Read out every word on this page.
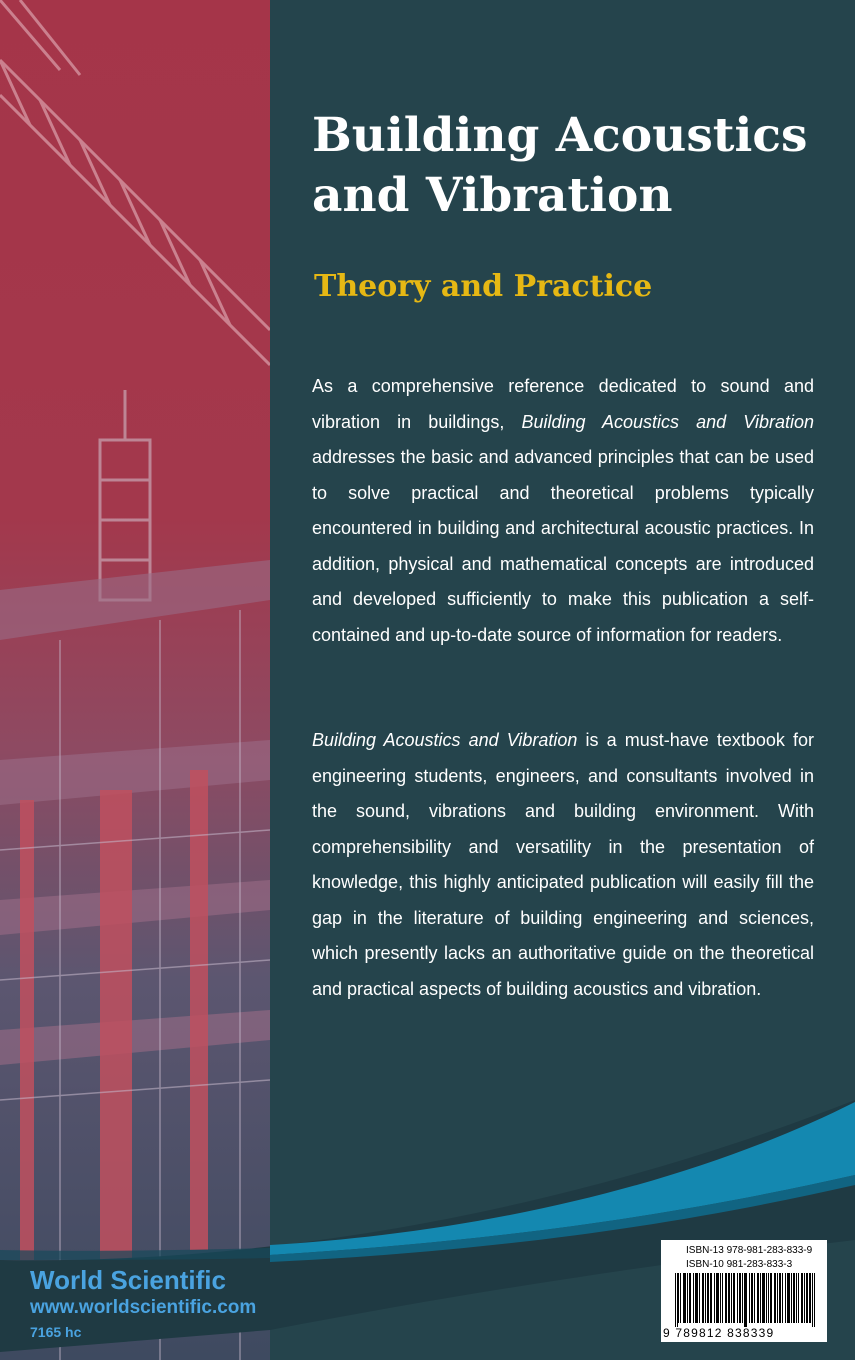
Building Acoustics
and Vibration
Theory and Practice

As a comprehensive reference dedicated to sound and vibration in buildings, Building Acoustics and Vibration addresses the basic and advanced principles that can be used to solve practical and theoretical problems typically encountered in building and architectural acoustic practices. In addition, physical and mathematical concepts are introduced and developed sufficiently to make this publication a self-contained and up-to-date source of information for readers.

Building Acoustics and Vibration is a must-have textbook for engineering students, engineers, and consultants involved in the sound, vibrations and building environment. With comprehensibility and versatility in the presentation of knowledge, this highly anticipated publication will easily fill the gap in the literature of building engineering and sciences, which presently lacks an authoritative guide on the theoretical and practical aspects of building acoustics and vibration.

World Scientific
www.worldscientific.com
7165 hc
ISBN-13 978-981-283-833-9
ISBN-10 981-283-833-3
9 789812 838339
